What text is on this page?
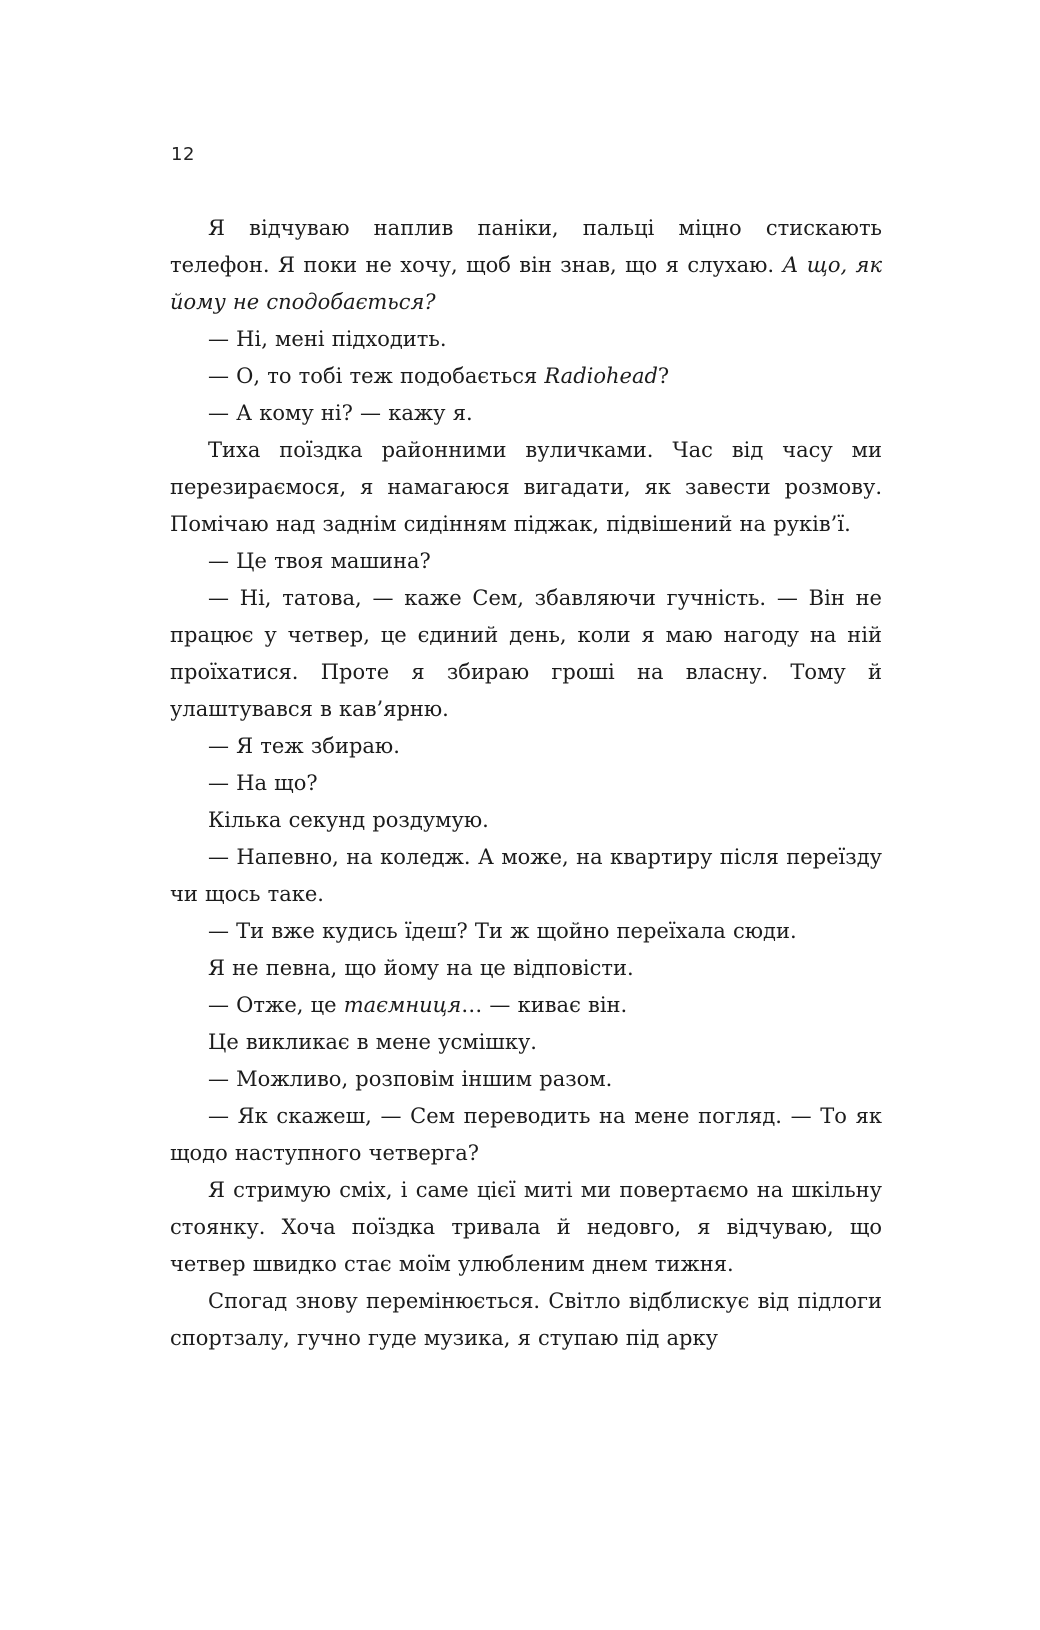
12

Я відчуваю наплив паніки, пальці міцно стискають телефон. Я поки не хочу, щоб він знав, що я слухаю. А що, як йому не сподобається?

— Ні, мені підходить.

— О, то тобі теж подобається Radiohead?

— А кому ні? — кажу я.

Тиха поїздка районними вуличками. Час від часу ми перезираємося, я намагаюся вигадати, як завести розмову. Помічаю над заднім сидінням піджак, підвішений на руків’ї.

— Це твоя машина?

— Ні, татова, — каже Сем, збавляючи гучність. — Він не працює у четвер, це єдиний день, коли я маю нагоду на ній проїхатися. Проте я збираю гроші на власну. Тому й улаштувався в кав’ярню.

— Я теж збираю.

— На що?

Кілька секунд роздумую.

— Напевно, на коледж. А може, на квартиру після переїзду чи щось таке.

— Ти вже кудись їдеш? Ти ж щойно переїхала сюди.

Я не певна, що йому на це відповісти.

— Отже, це таємниця… — киває він.

Це викликає в мене усмішку.

— Можливо, розповім іншим разом.

— Як скажеш, — Сем переводить на мене погляд. — То як щодо наступного четверга?

Я стримую сміх, і саме цієї миті ми повертаємо на шкільну стоянку. Хоча поїздка тривала й недовго, я відчуваю, що четвер швидко стає моїм улюбленим днем тижня.

Спогад знову перемінюється. Світло відблискує від підлоги спортзалу, гучно гуде музика, я ступаю під арку
